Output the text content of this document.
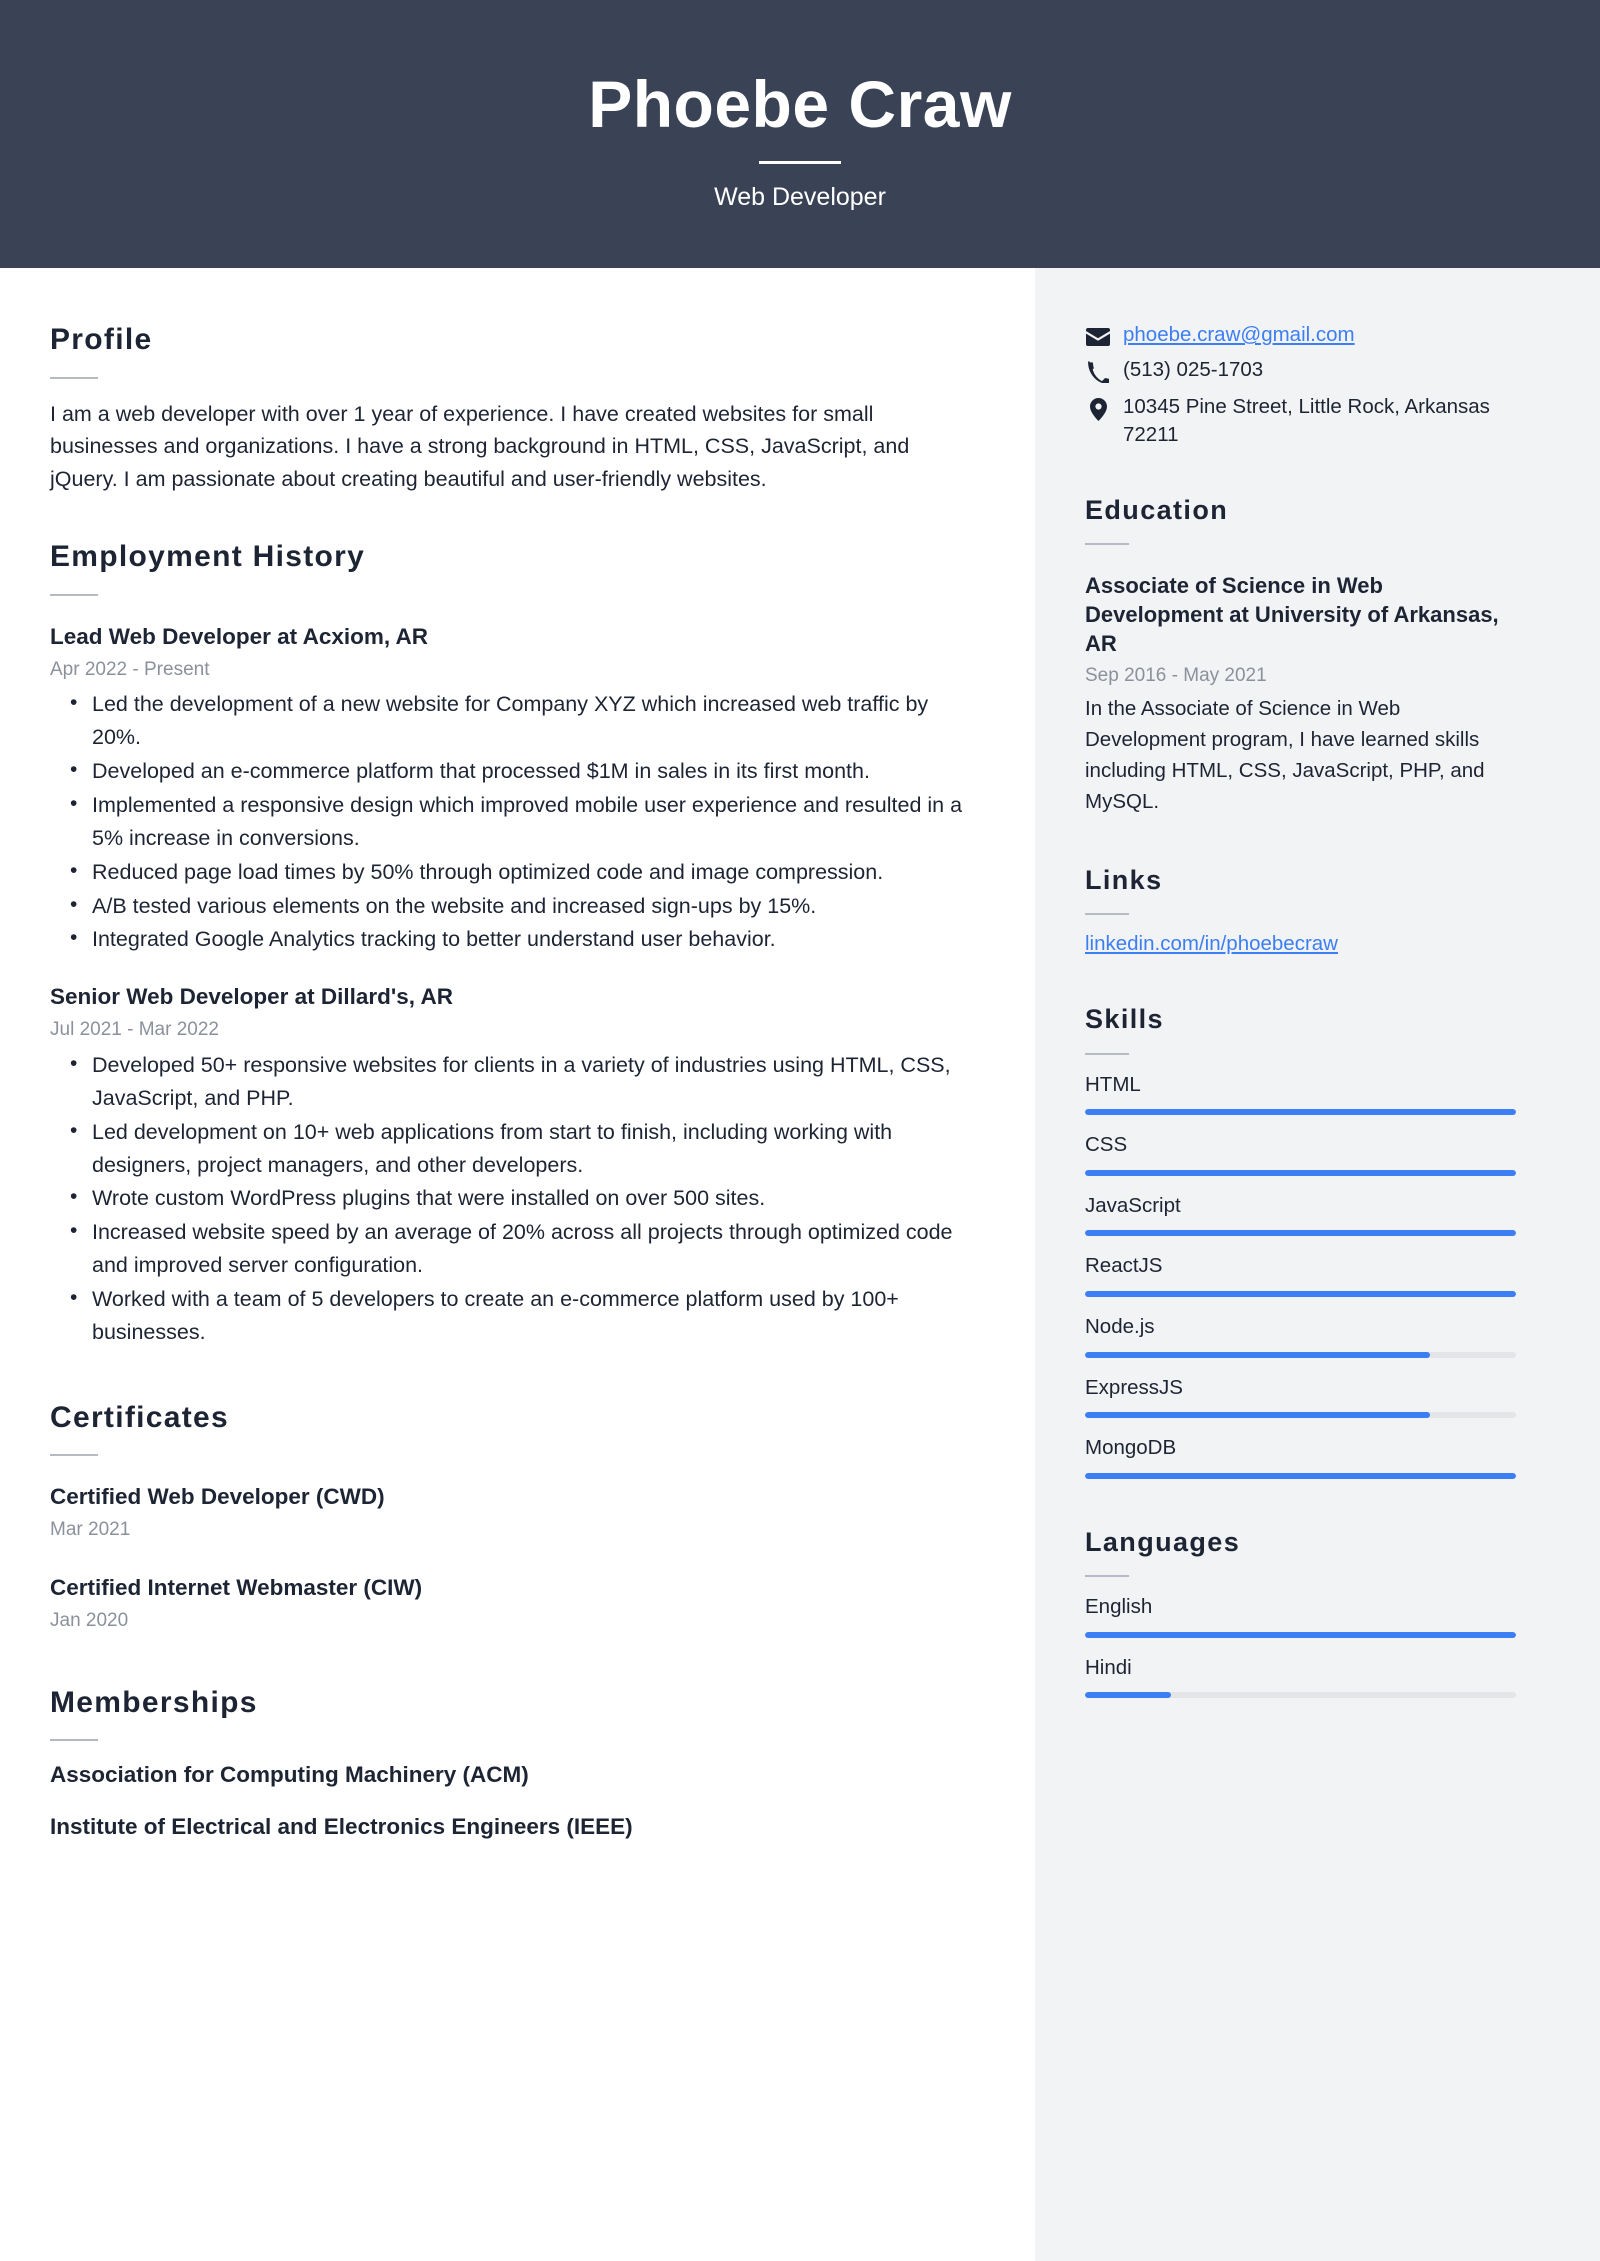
Phoebe Craw
Web Developer
Profile

I am a web developer with over 1 year of experience. I have created websites for small businesses and organizations. I have a strong background in HTML, CSS, JavaScript, and jQuery. I am passionate about creating beautiful and user-friendly websites.

Employment History
Lead Web Developer at Acxiom, AR
Apr 2022 - Present
• Led the development of a new website for Company XYZ which increased web traffic by 20%.
• Developed an e-commerce platform that processed $1M in sales in its first month.
• Implemented a responsive design which improved mobile user experience and resulted in a 5% increase in conversions.
• Reduced page load times by 50% through optimized code and image compression.
• A/B tested various elements on the website and increased sign-ups by 15%.
• Integrated Google Analytics tracking to better understand user behavior.
Senior Web Developer at Dillard's, AR
Jul 2021 - Mar 2022
• Developed 50+ responsive websites for clients in a variety of industries using HTML, CSS, JavaScript, and PHP.
• Led development on 10+ web applications from start to finish, including working with designers, project managers, and other developers.
• Wrote custom WordPress plugins that were installed on over 500 sites.
• Increased website speed by an average of 20% across all projects through optimized code and improved server configuration.
• Worked with a team of 5 developers to create an e-commerce platform used by 100+ businesses.
Certificates
Certified Web Developer (CWD)
Mar 2021
Certified Internet Webmaster (CIW)
Jan 2020
Memberships
Association for Computing Machinery (ACM)
Institute of Electrical and Electronics Engineers (IEEE)
phoebe.craw@gmail.com
(513) 025-1703
10345 Pine Street, Little Rock, Arkansas 72211
Education
Associate of Science in Web Development at University of Arkansas, AR
Sep 2016 - May 2021

In the Associate of Science in Web Development program, I have learned skills including HTML, CSS, JavaScript, PHP, and MySQL.

Links
linkedin.com/in/phoebecraw
Skills
HTML
CSS
JavaScript
ReactJS
Node.js
ExpressJS
MongoDB
Languages
English
Hindi
